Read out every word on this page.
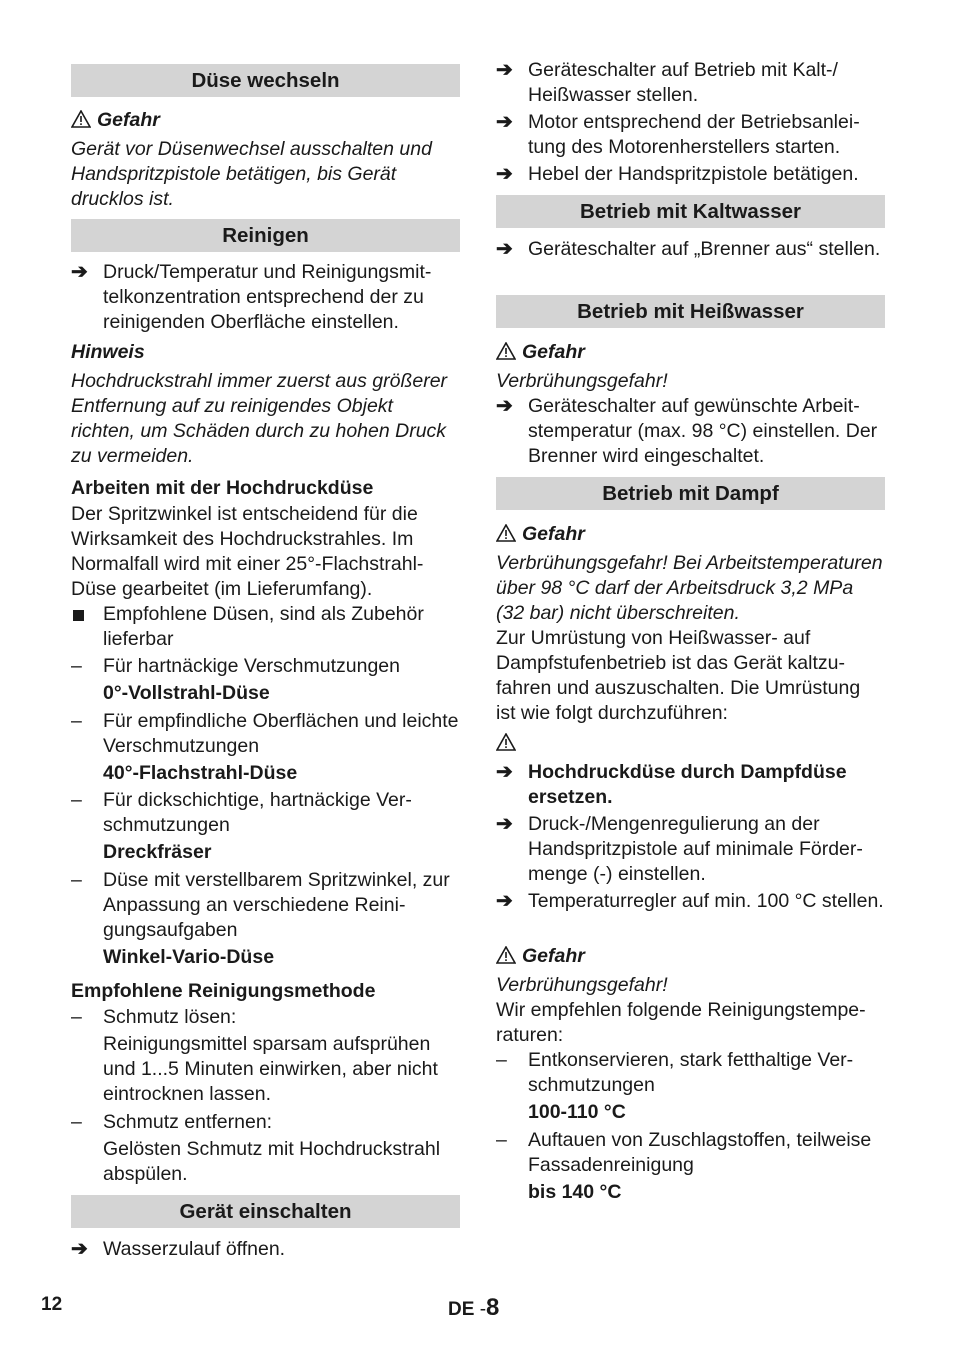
Düse wechseln
Gefahr
Gerät vor Düsenwechsel ausschalten und Handspritzpistole betätigen, bis Gerät drucklos ist.
Reinigen
➔ Druck/Temperatur und Reinigungsmittelkonzentration entsprechend der zu reinigenden Oberfläche einstellen.
Hinweis
Hochdruckstrahl immer zuerst aus größerer Entfernung auf zu reinigendes Objekt richten, um Schäden durch zu hohen Druck zu vermeiden.
Arbeiten mit der Hochdruckdüse
Der Spritzwinkel ist entscheidend für die Wirksamkeit des Hochdruckstrahles. Im Normalfall wird mit einer 25°-Flachstrahl-Düse gearbeitet (im Lieferumfang).
Empfohlene Düsen, sind als Zubehör lieferbar
– Für hartnäckige Verschmutzungen
0°-Vollstrahl-Düse
– Für empfindliche Oberflächen und leichte Verschmutzungen
40°-Flachstrahl-Düse
– Für dickschichtige, hartnäckige Verschmutzungen
Dreckfräser
– Düse mit verstellbarem Spritzwinkel, zur Anpassung an verschiedene Reinigungsaufgaben
Winkel-Vario-Düse
Empfohlene Reinigungsmethode
– Schmutz lösen:
Reinigungsmittel sparsam aufsprühen und 1...5 Minuten einwirken, aber nicht eintrocknen lassen.
– Schmutz entfernen:
Gelösten Schmutz mit Hochdruckstrahl abspülen.
Gerät einschalten
➔ Wasserzulauf öffnen.
➔ Geräteschalter auf Betrieb mit Kalt-/ Heißwasser stellen.
➔ Motor entsprechend der Betriebsanleitung des Motorenherstellers starten.
➔ Hebel der Handspritzpistole betätigen.
Betrieb mit Kaltwasser
➔ Geräteschalter auf „Brenner aus“ stellen.
Betrieb mit Heißwasser
Gefahr
Verbrühungsgefahr!
➔ Geräteschalter auf gewünschte Arbeitstemperatur (max. 98 °C) einstellen. Der Brenner wird eingeschaltet.
Betrieb mit Dampf
Gefahr
Verbrühungsgefahr! Bei Arbeitstemperaturen über 98 °C darf der Arbeitsdruck 3,2 MPa (32 bar) nicht überschreiten.
Zur Umrüstung von Heißwasser- auf Dampfstufenbetrieb ist das Gerät kaltzufahren und auszuschalten. Die Umrüstung ist wie folgt durchzuführen:
➔ Hochdruckdüse durch Dampfdüse ersetzen.
➔ Druck-/Mengenregulierung an der Handspritzpistole auf minimale Fördermenge (-) einstellen.
➔ Temperaturregler auf min. 100 °C stellen.
Gefahr
Verbrühungsgefahr!
Wir empfehlen folgende Reinigungstemperaturen:
– Entkonservieren, stark fetthaltige Verschmutzungen
100-110 °C
– Auftauen von Zuschlagstoffen, teilweise Fassadenreinigung
bis 140 °C
12	DE -8
